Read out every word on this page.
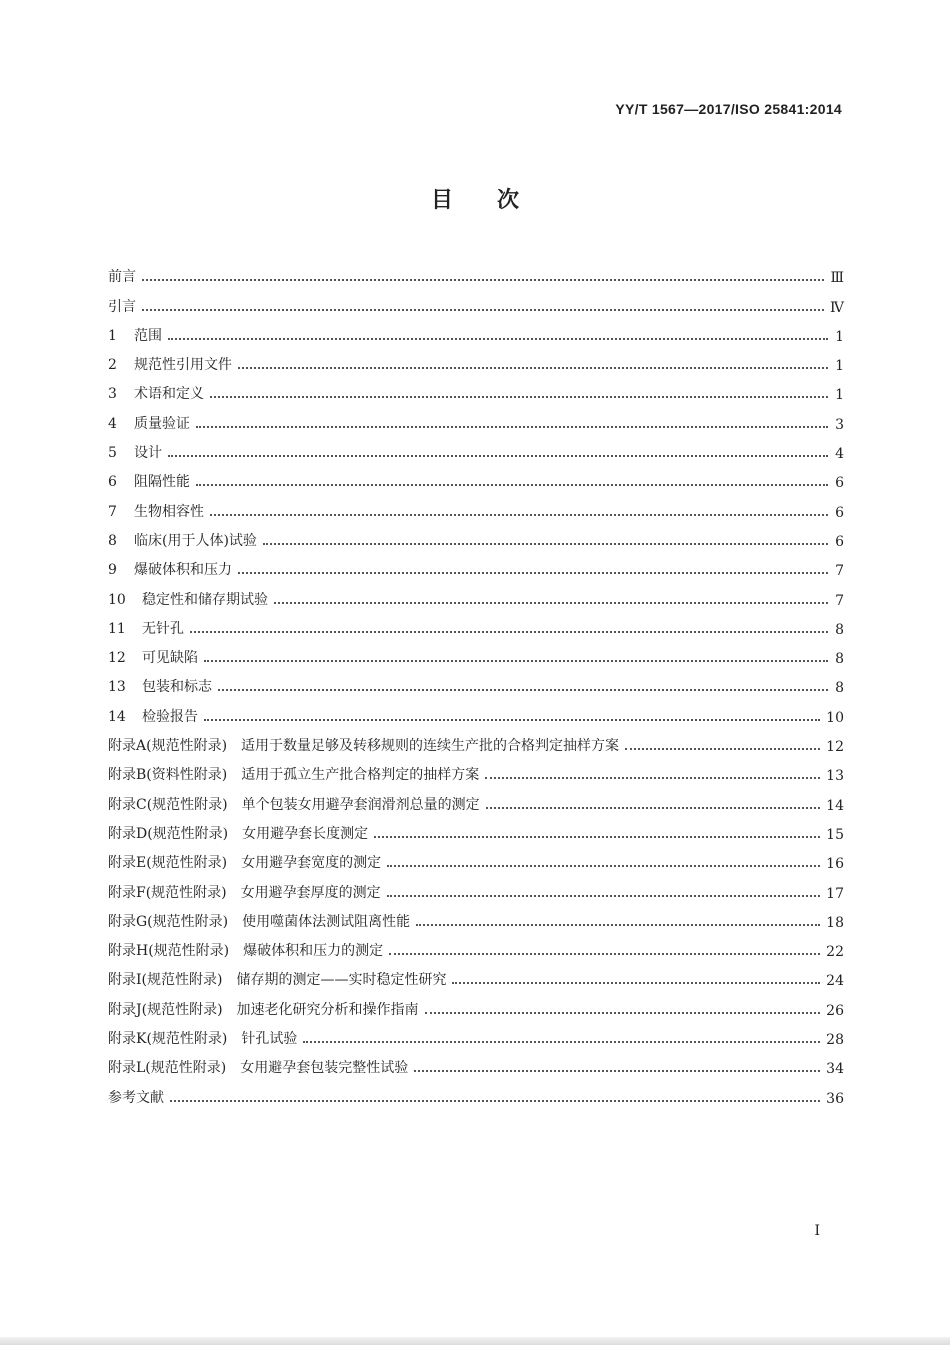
YY/T 1567—2017/ISO 25841:2014
目　　次
前言	Ⅲ
引言	Ⅳ
1 范围	1
2 规范性引用文件	1
3 术语和定义	1
4 质量验证	3
5 设计	4
6 阻隔性能	6
7 生物相容性	6
8 临床(用于人体)试验	6
9 爆破体积和压力	7
10 稳定性和储存期试验	7
11 无针孔	8
12 可见缺陷	8
13 包装和标志	8
14 检验报告	10
附录A(规范性附录)　适用于数量足够及转移规则的连续生产批的合格判定抽样方案	12
附录B(资料性附录)　适用于孤立生产批合格判定的抽样方案	13
附录C(规范性附录)　单个包装女用避孕套润滑剂总量的测定	14
附录D(规范性附录)　女用避孕套长度测定	15
附录E(规范性附录)　女用避孕套宽度的测定	16
附录F(规范性附录)　女用避孕套厚度的测定	17
附录G(规范性附录)　使用噬菌体法测试阻离性能	18
附录H(规范性附录)　爆破体积和压力的测定	22
附录I(规范性附录)　储存期的测定——实时稳定性研究	24
附录J(规范性附录)　加速老化研究分析和操作指南	26
附录K(规范性附录)　针孔试验	28
附录L(规范性附录)　女用避孕套包装完整性试验	34
参考文献	36
I
